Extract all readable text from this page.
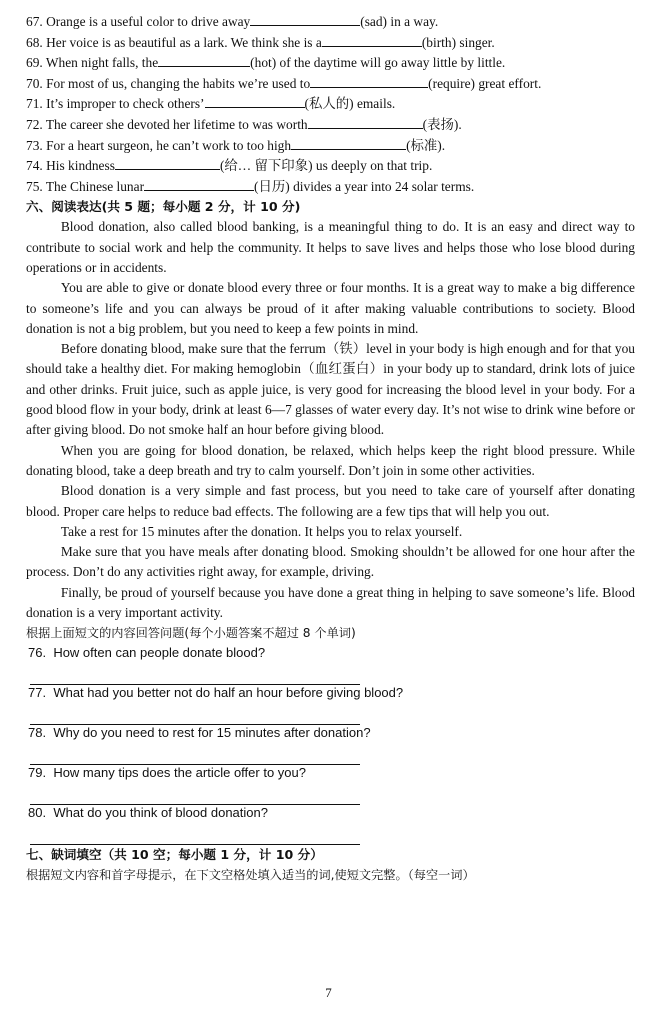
67. Orange is a useful color to drive away	(sad) in a way.
68. Her voice is as beautiful as a lark. We think she is a	(birth) singer.
69. When night falls, the	(hot) of the daytime will go away little by little.
70. For most of us, changing the habits we’re used to	(require) great effort.
71. It’s improper to check others’	(私人的) emails.
72. The career she devoted her lifetime to was worth	(表扬).
73. For a heart surgeon, he can’t work to too high	(标准).
74. His kindness	(给… 留下印象) us deeply on that trip.
75. The Chinese lunar	(日历) divides a year into 24 solar terms.
六、阅读表达(共 5 题；每小题 2 分，计 10 分)

Blood donation, also called blood banking, is a meaningful thing to do. It is an easy and direct way to contribute to social work and help the community. It helps to save lives and helps those who lose blood during operations or in accidents.

You are able to give or donate blood every three or four months. It is a great way to make a big difference to someone’s life and you can always be proud of it after making valuable contributions to society. Blood donation is not a big problem, but you need to keep a few points in mind.

Before donating blood, make sure that the ferrum（铁）level in your body is high enough and for that you should take a healthy diet. For making hemoglobin（血红蛋白）in your body up to standard, drink lots of juice and other drinks. Fruit juice, such as apple juice, is very good for increasing the blood level in your body. For a good blood flow in your body, drink at least 6—7 glasses of water every day. It’s not wise to drink wine before or after giving blood. Do not smoke half an hour before giving blood.

When you are going for blood donation, be relaxed, which helps keep the right blood pressure. While donating blood, take a deep breath and try to calm yourself. Don’t join in some other activities.

Blood donation is a very simple and fast process, but you need to take care of yourself after donating blood. Proper care helps to reduce bad effects. The following are a few tips that will help you out.

Take a rest for 15 minutes after the donation. It helps you to relax yourself.

Make sure that you have meals after donating blood. Smoking shouldn’t be allowed for one hour after the process. Don’t do any activities right away, for example, driving.

Finally, be proud of yourself because you have done a great thing in helping to save someone’s life. Blood donation is a very important activity.

根据上面短文的内容回答问题(每个小题答案不超过 8 个单词)
76. How often can people donate blood?
77. What had you better not do half an hour before giving blood?
78. Why do you need to rest for 15 minutes after donation?
79. How many tips does the article offer to you?
80. What do you think of blood donation?
七、缺词填空（共 10 空；每小题 1 分，计 10 分）
根据短文内容和首字母提示，在下文空格处填入适当的词,使短文完整。（每空一词）
7
